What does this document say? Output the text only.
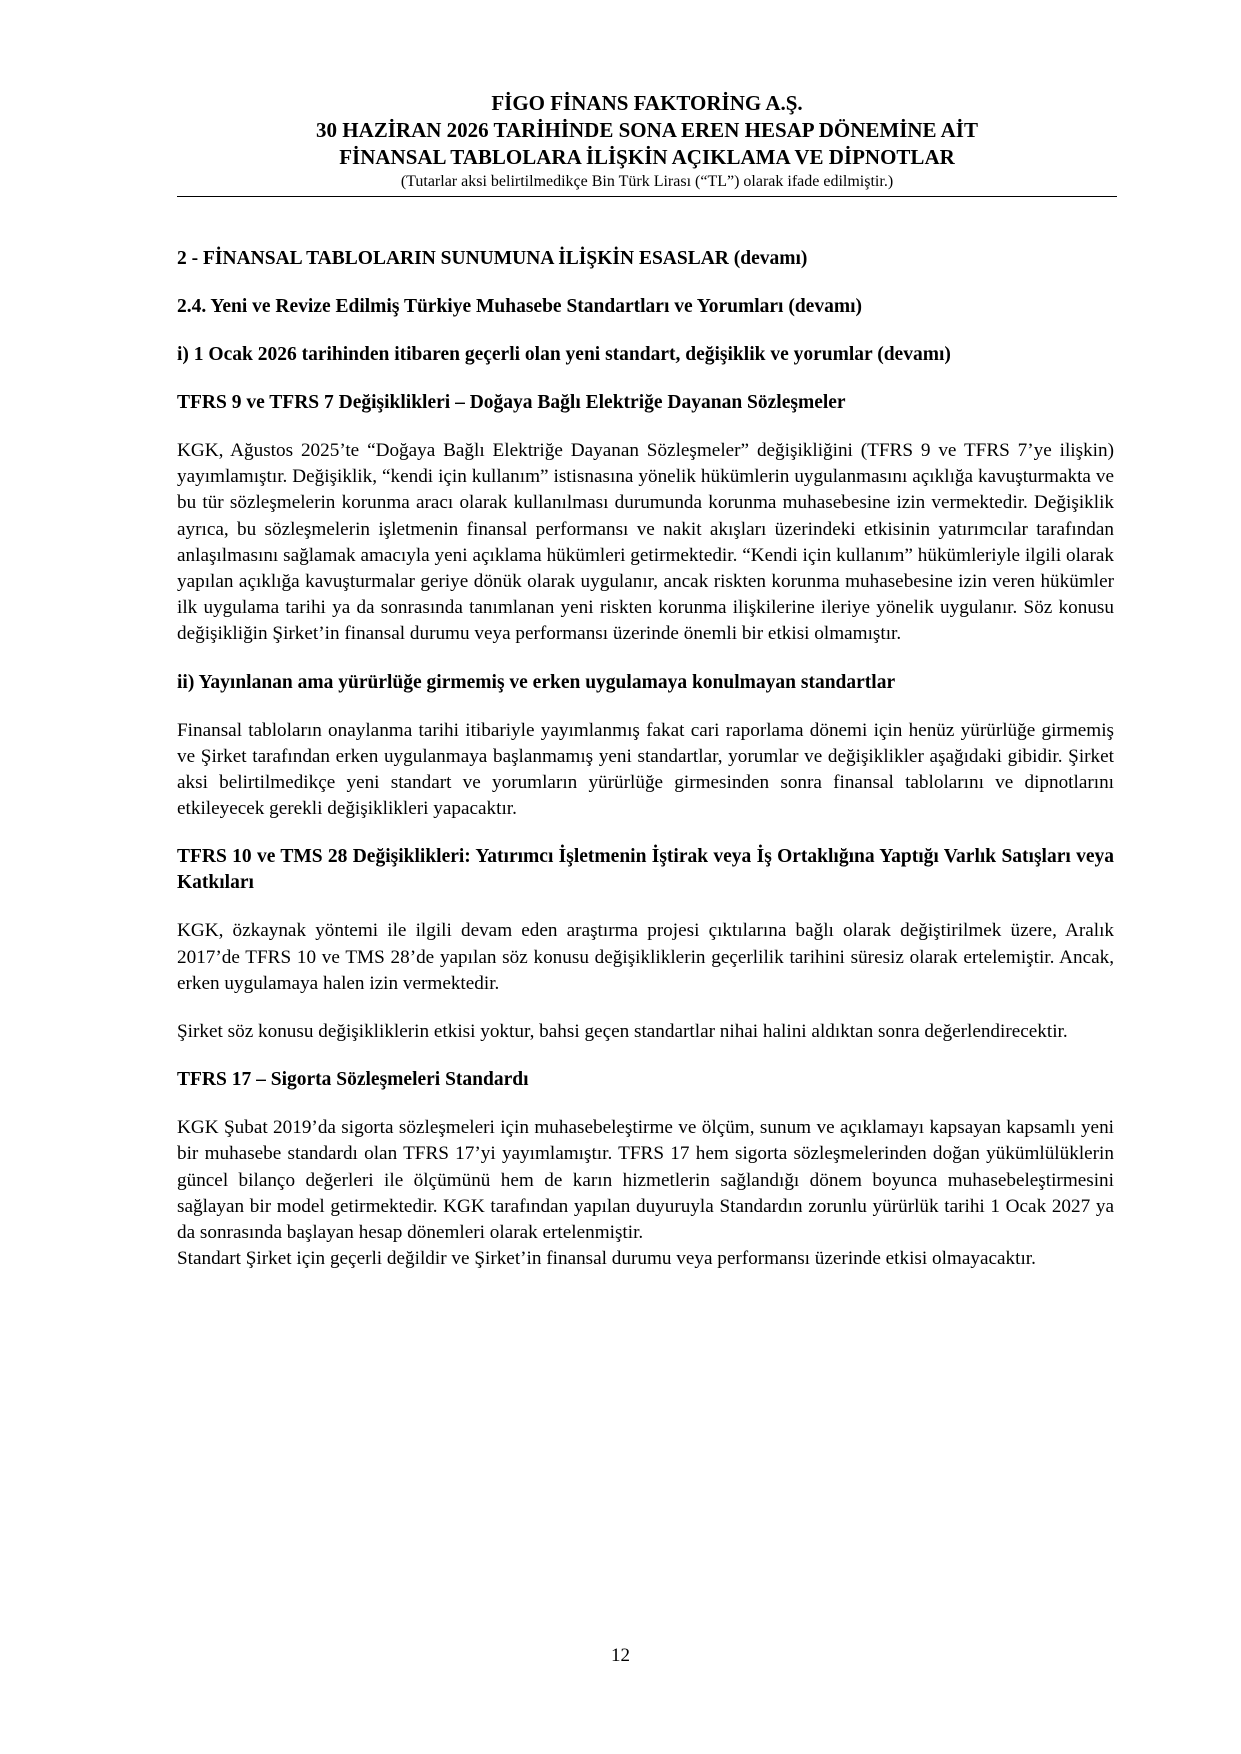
FİGO FİNANS FAKTORİNG A.Ş.
30 HAZİRAN 2026 TARİHİNDE SONA EREN HESAP DÖNEMİNE AİT
FİNANSAL TABLOLARA İLİŞKİN AÇIKLAMA VE DİPNOTLAR
(Tutarlar aksi belirtilmedikçe Bin Türk Lirası (“TL”) olarak ifade edilmiştir.)
2 - FİNANSAL TABLOLARIN SUNUMUNA İLİŞKİN ESASLAR (devamı)
2.4. Yeni ve Revize Edilmiş Türkiye Muhasebe Standartları ve Yorumları (devamı)
i) 1 Ocak 2026 tarihinden itibaren geçerli olan yeni standart, değişiklik ve yorumlar (devamı)
TFRS 9 ve TFRS 7 Değişiklikleri – Doğaya Bağlı Elektriğe Dayanan Sözleşmeler

KGK, Ağustos 2025’te “Doğaya Bağlı Elektriğe Dayanan Sözleşmeler” değişikliğini (TFRS 9 ve TFRS 7’ye ilişkin) yayımlamıştır. Değişiklik, “kendi için kullanım” istisnasına yönelik hükümlerin uygulanmasını açıklığa kavuşturmakta ve bu tür sözleşmelerin korunma aracı olarak kullanılması durumunda korunma muhasebesine izin vermektedir. Değişiklik ayrıca, bu sözleşmelerin işletmenin finansal performansı ve nakit akışları üzerindeki etkisinin yatırımcılar tarafından anlaşılmasını sağlamak amacıyla yeni açıklama hükümleri getirmektedir. “Kendi için kullanım” hükümleriyle ilgili olarak yapılan açıklığa kavuşturmalar geriye dönük olarak uygulanır, ancak riskten korunma muhasebesine izin veren hükümler ilk uygulama tarihi ya da sonrasında tanımlanan yeni riskten korunma ilişkilerine ileriye yönelik uygulanır. Söz konusu değişikliğin Şirket’in finansal durumu veya performansı üzerinde önemli bir etkisi olmamıştır.

ii) Yayınlanan ama yürürlüğe girmemiş ve erken uygulamaya konulmayan standartlar

Finansal tabloların onaylanma tarihi itibariyle yayımlanmış fakat cari raporlama dönemi için henüz yürürlüğe girmemiş ve Şirket tarafından erken uygulanmaya başlanmamış yeni standartlar, yorumlar ve değişiklikler aşağıdaki gibidir. Şirket aksi belirtilmedikçe yeni standart ve yorumların yürürlüğe girmesinden sonra finansal tablolarını ve dipnotlarını etkileyecek gerekli değişiklikleri yapacaktır.

TFRS 10 ve TMS 28 Değişiklikleri: Yatırımcı İşletmenin İştirak veya İş Ortaklığına Yaptığı Varlık Satışları veya Katkıları

KGK, özkaynak yöntemi ile ilgili devam eden araştırma projesi çıktılarına bağlı olarak değiştirilmek üzere, Aralık 2017’de TFRS 10 ve TMS 28’de yapılan söz konusu değişikliklerin geçerlilik tarihini süresiz olarak ertelemiştir. Ancak, erken uygulamaya halen izin vermektedir.

Şirket söz konusu değişikliklerin etkisi yoktur, bahsi geçen standartlar nihai halini aldıktan sonra değerlendirecektir.

TFRS 17 – Sigorta Sözleşmeleri Standardı

KGK Şubat 2019’da sigorta sözleşmeleri için muhasebeleştirme ve ölçüm, sunum ve açıklamayı kapsayan kapsamlı yeni bir muhasebe standardı olan TFRS 17’yi yayımlamıştır. TFRS 17 hem sigorta sözleşmelerinden doğan yükümlülüklerin güncel bilanço değerleri ile ölçümünü hem de karın hizmetlerin sağlandığı dönem boyunca muhasebeleştirmesini sağlayan bir model getirmektedir. KGK tarafından yapılan duyuruyla Standardın zorunlu yürürlük tarihi 1 Ocak 2027 ya da sonrasında başlayan hesap dönemleri olarak ertelenmiştir.

Standart Şirket için geçerli değildir ve Şirket’in finansal durumu veya performansı üzerinde etkisi olmayacaktır.

12
